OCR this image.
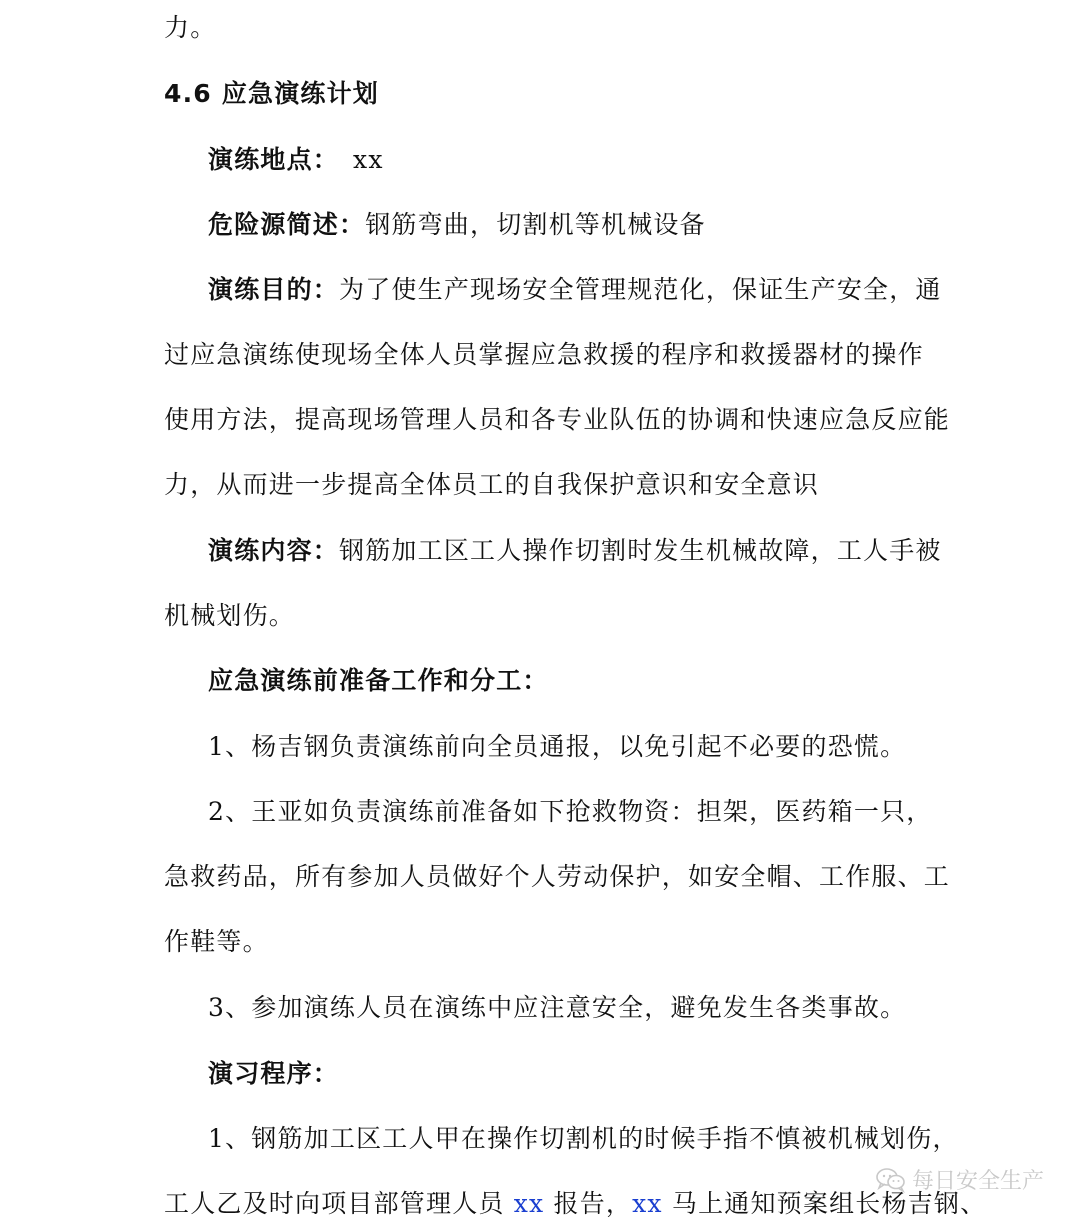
力。
4.6 应急演练计划
演练地点： xx
危险源简述：钢筋弯曲，切割机等机械设备
演练目的：为了使生产现场安全管理规范化，保证生产安全，通
过应急演练使现场全体人员掌握应急救援的程序和救援器材的操作
使用方法，提高现场管理人员和各专业队伍的协调和快速应急反应能
力，从而进一步提高全体员工的自我保护意识和安全意识
演练内容：钢筋加工区工人操作切割时发生机械故障，工人手被
机械划伤。
应急演练前准备工作和分工：
1、杨吉钢负责演练前向全员通报，以免引起不必要的恐慌。
2、王亚如负责演练前准备如下抢救物资：担架，医药箱一只，
急救药品，所有参加人员做好个人劳动保护，如安全帽、工作服、工
作鞋等。
3、参加演练人员在演练中应注意安全，避免发生各类事故。
演习程序：
1、钢筋加工区工人甲在操作切割机的时候手指不慎被机械划伤，
工人乙及时向项目部管理人员 xx 报告，xx 马上通知预案组长杨吉钢、
每日安全生产
